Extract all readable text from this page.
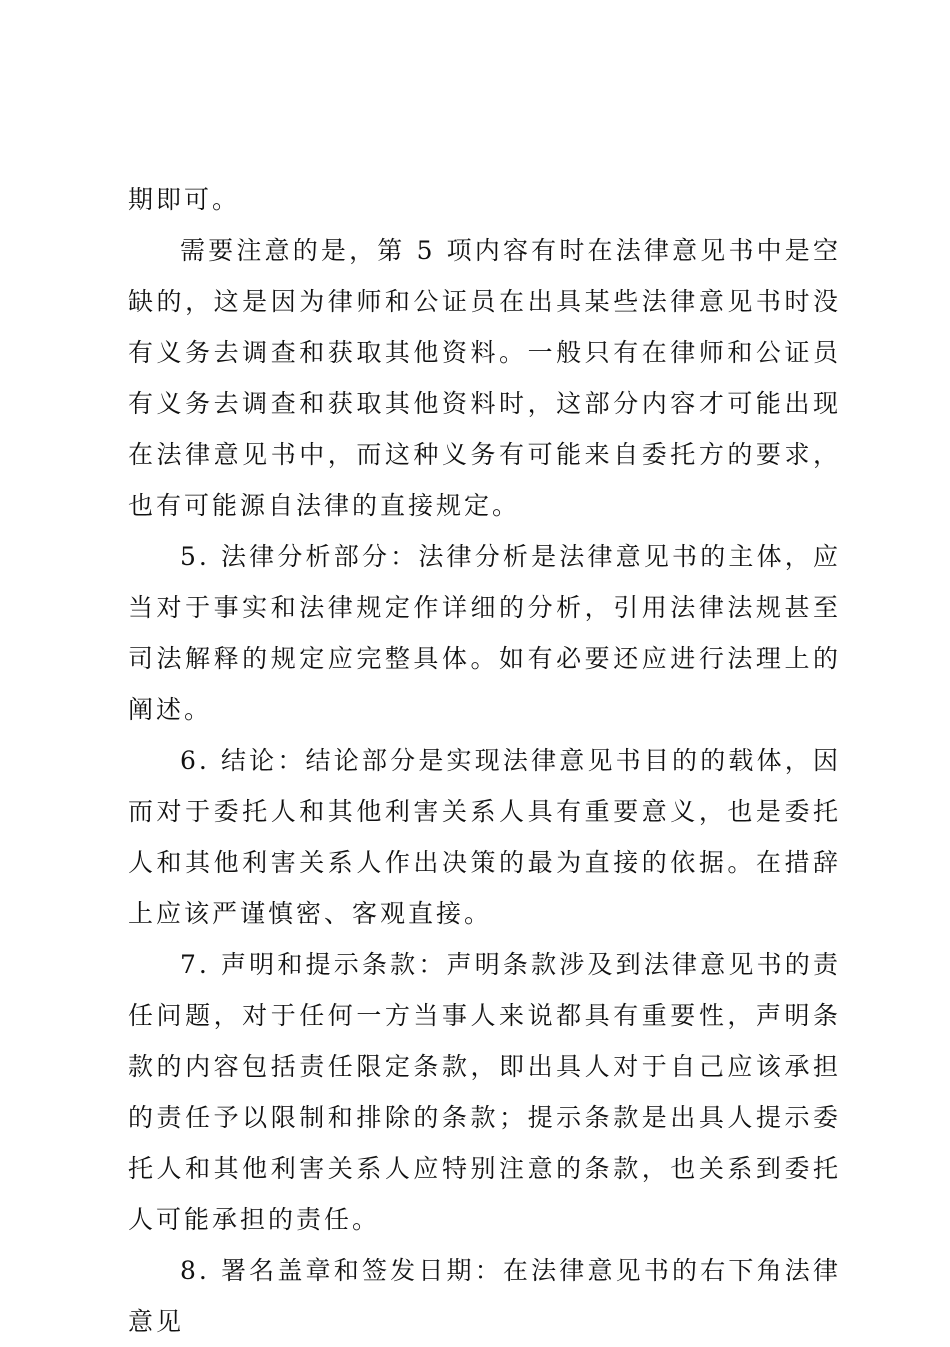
期即可。

需要注意的是，第 5 项内容有时在法律意见书中是空缺的，这是因为律师和公证员在出具某些法律意见书时没有义务去调查和获取其他资料。一般只有在律师和公证员有义务去调查和获取其他资料时，这部分内容才可能出现在法律意见书中，而这种义务有可能来自委托方的要求，也有可能源自法律的直接规定。

5. 法律分析部分：法律分析是法律意见书的主体，应当对于事实和法律规定作详细的分析，引用法律法规甚至司法解释的规定应完整具体。如有必要还应进行法理上的阐述。

6. 结论：结论部分是实现法律意见书目的的载体，因而对于委托人和其他利害关系人具有重要意义，也是委托人和其他利害关系人作出决策的最为直接的依据。在措辞上应该严谨慎密、客观直接。

7. 声明和提示条款：声明条款涉及到法律意见书的责任问题，对于任何一方当事人来说都具有重要性，声明条款的内容包括责任限定条款，即出具人对于自己应该承担的责任予以限制和排除的条款；提示条款是出具人提示委托人和其他利害关系人应特别注意的条款，也关系到委托人可能承担的责任。

8. 署名盖章和签发日期：在法律意见书的右下角法律意见
